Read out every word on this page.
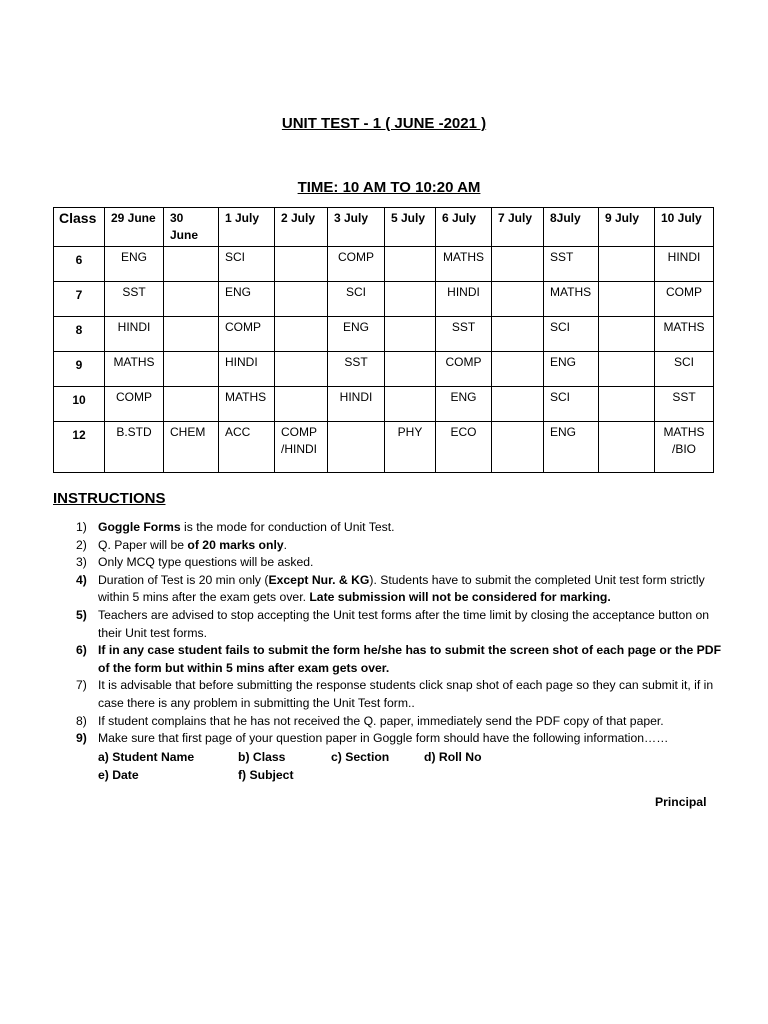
UNIT TEST - 1 ( JUNE -2021 )
TIME: 10 AM TO 10:20 AM
Class	29 June	30 June	1 July	2 July	3 July	5 July	6 July	7 July	8July	9 July	10 July
6	ENG		SCI		COMP		MATHS		SST		HINDI
7	SST		ENG		SCI		HINDI		MATHS		COMP
8	HINDI		COMP		ENG		SST		SCI		MATHS
9	MATHS		HINDI		SST		COMP		ENG		SCI
10	COMP		MATHS		HINDI		ENG		SCI		SST
12	B.STD	CHEM	ACC	COMP /HINDI		PHY	ECO		ENG		MATHS /BIO
INSTRUCTIONS
1) Goggle Forms is the mode for conduction of Unit Test.
2) Q. Paper will be of 20 marks only.
3) Only MCQ type questions will be asked.
4) Duration of Test is 20 min only (Except Nur. & KG). Students have to submit the completed Unit test form strictly within 5 mins after the exam gets over. Late submission will not be considered for marking.
5) Teachers are advised to stop accepting the Unit test forms after the time limit by closing the acceptance button on their Unit test forms.
6) If in any case student fails to submit the form he/she has to submit the screen shot of each page or the PDF of the form but within 5 mins after exam gets over.
7) It is advisable that before submitting the response students click snap shot of each page so they can submit it, if in case there is any problem in submitting the Unit Test form..
8) If student complains that he has not received the Q. paper, immediately send the PDF copy of that paper.
9) Make sure that first page of your question paper in Goggle form should have the following information……
a) Student Name	b) Class	c) Section	d) Roll No
e) Date	f) Subject
Principal
